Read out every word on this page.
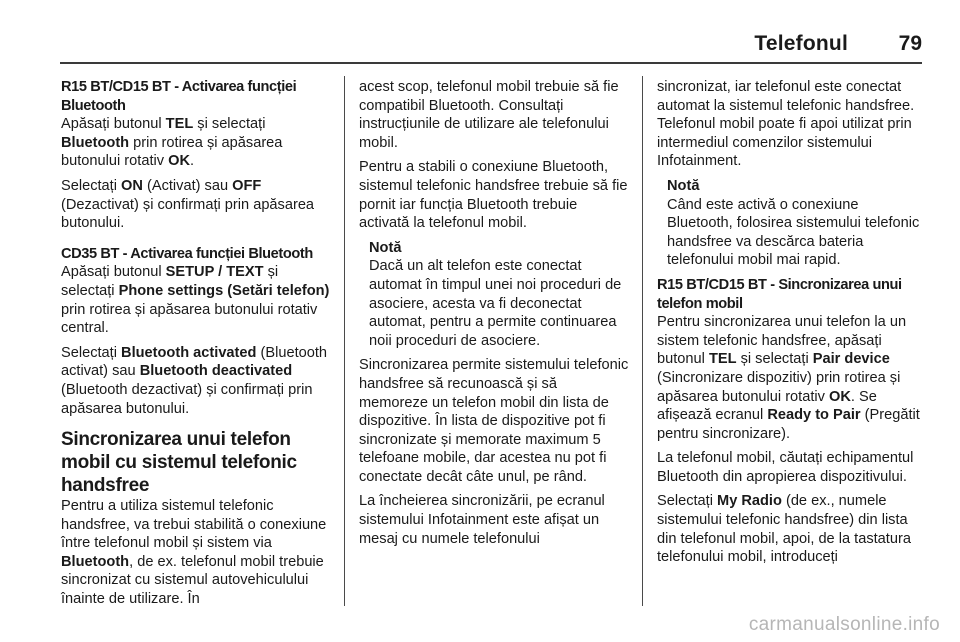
Telefonul 79
R15 BT/CD15 BT - Activarea funcției Bluetooth

Apăsați butonul TEL și selectați Bluetooth prin rotirea și apăsarea butonului rotativ OK.

Selectați ON (Activat) sau OFF (Dezactivat) și confirmați prin apăsarea butonului.

CD35 BT - Activarea funcției Bluetooth

Apăsați butonul SETUP / TEXT și selectați Phone settings (Setări telefon) prin rotirea și apăsarea butonului rotativ central.

Selectați Bluetooth activated (Bluetooth activat) sau Bluetooth deactivated (Bluetooth dezactivat) și confirmați prin apăsarea butonului.

Sincronizarea unui telefon mobil cu sistemul telefonic handsfree

Pentru a utiliza sistemul telefonic handsfree, va trebui stabilită o conexiune între telefonul mobil și sistem via Bluetooth, de ex. telefonul mobil trebuie sincronizat cu sistemul autovehiculului înainte de utilizare. În

acest scop, telefonul mobil trebuie să fie compatibil Bluetooth. Consultați instrucțiunile de utilizare ale telefonului mobil.

Pentru a stabili o conexiune Bluetooth, sistemul telefonic handsfree trebuie să fie pornit iar funcția Bluetooth trebuie activată la telefonul mobil.

Notă
Dacă un alt telefon este conectat automat în timpul unei noi proceduri de asociere, acesta va fi deconectat automat, pentru a permite continuarea noii proceduri de asociere.

Sincronizarea permite sistemului telefonic handsfree să recunoască și să memoreze un telefon mobil din lista de dispozitive. În lista de dispozitive pot fi sincronizate și memorate maximum 5 telefoane mobile, dar acestea nu pot fi conectate decât câte unul, pe rând.

La încheierea sincronizării, pe ecranul sistemului Infotainment este afișat un mesaj cu numele telefonului

sincronizat, iar telefonul este conectat automat la sistemul telefonic handsfree. Telefonul mobil poate fi apoi utilizat prin intermediul comenzilor sistemului Infotainment.

Notă
Când este activă o conexiune Bluetooth, folosirea sistemului telefonic handsfree va descărca bateria telefonului mobil mai rapid.
R15 BT/CD15 BT - Sincronizarea unui telefon mobil

Pentru sincronizarea unui telefon la un sistem telefonic handsfree, apăsați butonul TEL și selectați Pair device (Sincronizare dispozitiv) prin rotirea și apăsarea butonului rotativ OK. Se afișează ecranul Ready to Pair (Pregătit pentru sincronizare).

La telefonul mobil, căutați echipamentul Bluetooth din apropierea dispozitivului.

Selectați My Radio (de ex., numele sistemului telefonic handsfree) din lista din telefonul mobil, apoi, de la tastatura telefonului mobil, introduceți

carmanualsonline.info
